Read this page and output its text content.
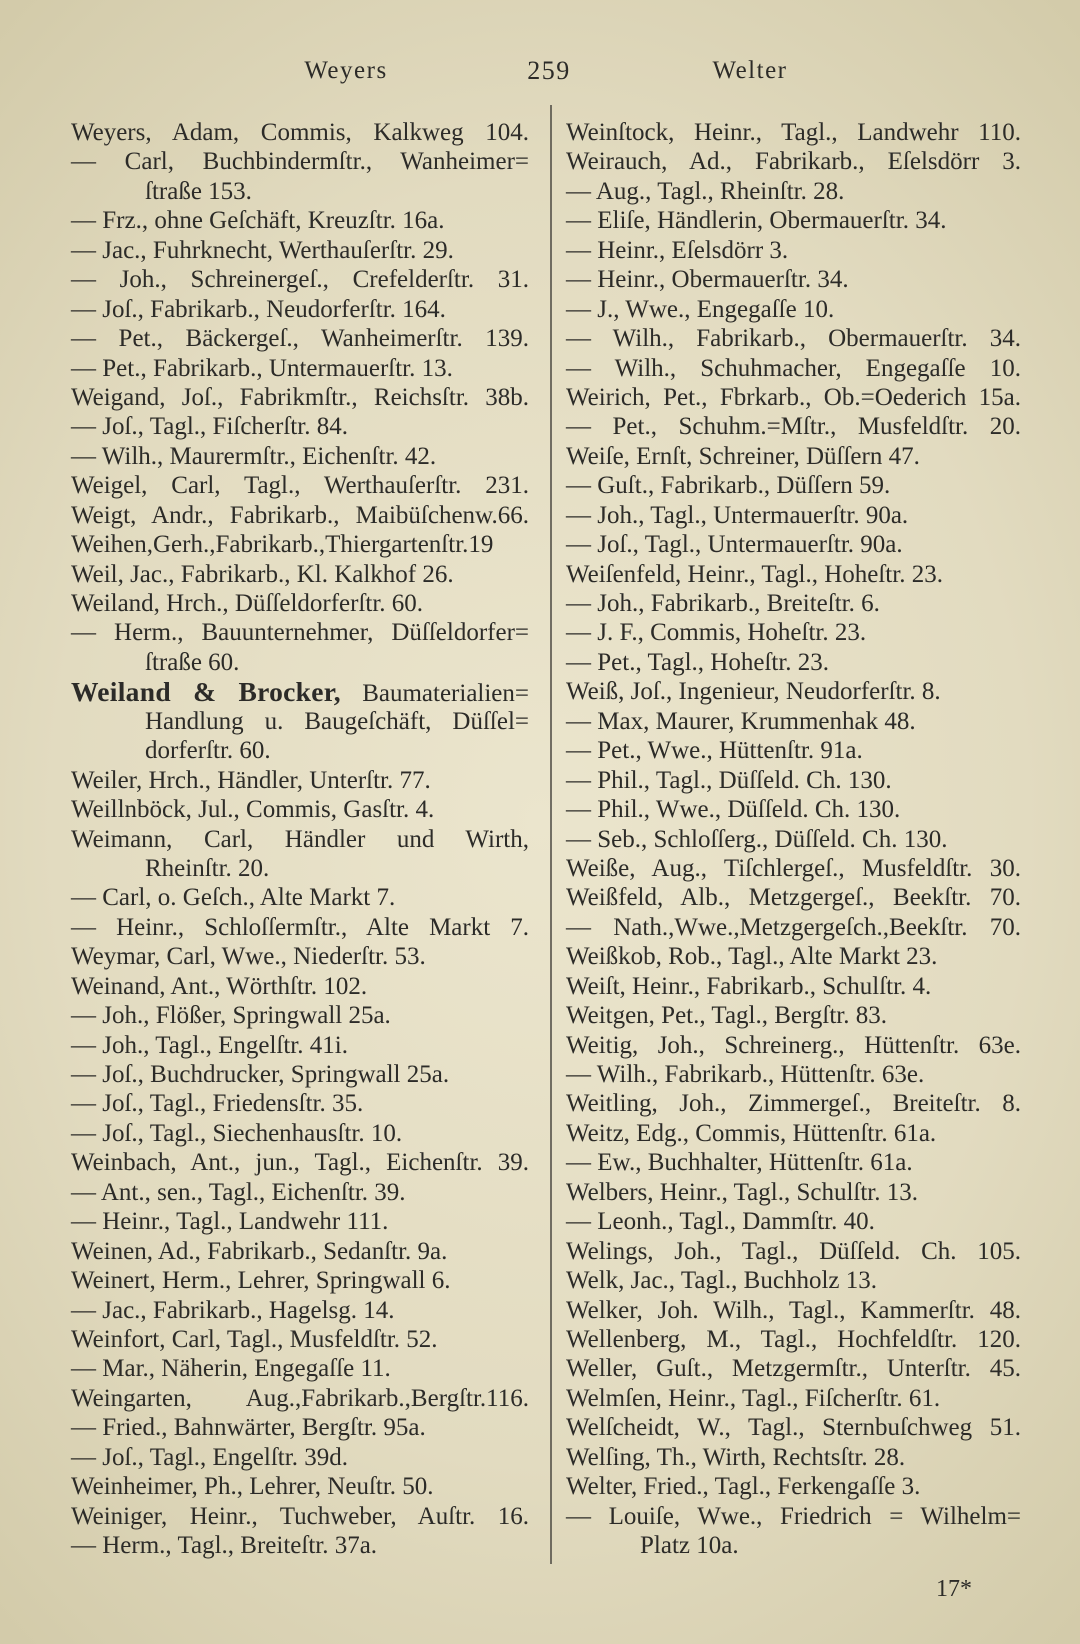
Weyers	259	Welter
Weyers, Adam, Commis, Kalkweg 104.
— Carl, Buchbindermſtr., Wanheimer=
ſtraße 153.
— Frz., ohne Geſchäft, Kreuzſtr. 16a.
— Jac., Fuhrknecht, Werthauſerſtr. 29.
— Joh., Schreinergeſ., Crefelderſtr. 31.
— Joſ., Fabrikarb., Neudorferſtr. 164.
— Pet., Bäckergeſ., Wanheimerſtr. 139.
— Pet., Fabrikarb., Untermauerſtr. 13.
Weigand, Joſ., Fabrikmſtr., Reichsſtr. 38b.
— Joſ., Tagl., Fiſcherſtr. 84.
— Wilh., Maurermſtr., Eichenſtr. 42.
Weigel, Carl, Tagl., Werthauſerſtr. 231.
Weigt, Andr., Fabrikarb., Maibüſchenw.66.
Weihen,Gerh.,Fabrikarb.,Thiergartenſtr.19
Weil, Jac., Fabrikarb., Kl. Kalkhof 26.
Weiland, Hrch., Düſſeldorferſtr. 60.
— Herm., Bauunternehmer, Düſſeldorfer=
ſtraße 60.
Weiland & Brocker, Baumaterialien=
Handlung u. Baugeſchäft, Düſſel=
dorferſtr. 60.
Weiler, Hrch., Händler, Unterſtr. 77.
Weillnböck, Jul., Commis, Gasſtr. 4.
Weimann, Carl, Händler und Wirth,
Rheinſtr. 20.
— Carl, o. Geſch., Alte Markt 7.
— Heinr., Schloſſermſtr., Alte Markt 7.
Weymar, Carl, Wwe., Niederſtr. 53.
Weinand, Ant., Wörthſtr. 102.
— Joh., Flößer, Springwall 25a.
— Joh., Tagl., Engelſtr. 41i.
— Joſ., Buchdrucker, Springwall 25a.
— Joſ., Tagl., Friedensſtr. 35.
— Joſ., Tagl., Siechenhausſtr. 10.
Weinbach, Ant., jun., Tagl., Eichenſtr. 39.
— Ant., sen., Tagl., Eichenſtr. 39.
— Heinr., Tagl., Landwehr 111.
Weinen, Ad., Fabrikarb., Sedanſtr. 9a.
Weinert, Herm., Lehrer, Springwall 6.
— Jac., Fabrikarb., Hagelsg. 14.
Weinfort, Carl, Tagl., Musfeldſtr. 52.
— Mar., Näherin, Engegaſſe 11.
Weingarten, Aug.,Fabrikarb.,Bergſtr.116.
— Fried., Bahnwärter, Bergſtr. 95a.
— Joſ., Tagl., Engelſtr. 39d.
Weinheimer, Ph., Lehrer, Neuſtr. 50.
Weiniger, Heinr., Tuchweber, Auſtr. 16.
— Herm., Tagl., Breiteſtr. 37a.
Weinſtock, Heinr., Tagl., Landwehr 110.
Weirauch, Ad., Fabrikarb., Eſelsdörr 3.
— Aug., Tagl., Rheinſtr. 28.
— Eliſe, Händlerin, Obermauerſtr. 34.
— Heinr., Eſelsdörr 3.
— Heinr., Obermauerſtr. 34.
— J., Wwe., Engegaſſe 10.
— Wilh., Fabrikarb., Obermauerſtr. 34.
— Wilh., Schuhmacher, Engegaſſe 10.
Weirich, Pet., Fbrkarb., Ob.=Oederich 15a.
— Pet., Schuhm.=Mſtr., Musfeldſtr. 20.
Weiſe, Ernſt, Schreiner, Düſſern 47.
— Guſt., Fabrikarb., Düſſern 59.
— Joh., Tagl., Untermauerſtr. 90a.
— Joſ., Tagl., Untermauerſtr. 90a.
Weiſenfeld, Heinr., Tagl., Hoheſtr. 23.
— Joh., Fabrikarb., Breiteſtr. 6.
— J. F., Commis, Hoheſtr. 23.
— Pet., Tagl., Hoheſtr. 23.
Weiß, Joſ., Ingenieur, Neudorferſtr. 8.
— Max, Maurer, Krummenhak 48.
— Pet., Wwe., Hüttenſtr. 91a.
— Phil., Tagl., Düſſeld. Ch. 130.
— Phil., Wwe., Düſſeld. Ch. 130.
— Seb., Schloſſerg., Düſſeld. Ch. 130.
Weiße, Aug., Tiſchlergeſ., Musfeldſtr. 30.
Weißfeld, Alb., Metzgergeſ., Beekſtr. 70.
— Nath.,Wwe.,Metzgergeſch.,Beekſtr. 70.
Weißkob, Rob., Tagl., Alte Markt 23.
Weiſt, Heinr., Fabrikarb., Schulſtr. 4.
Weitgen, Pet., Tagl., Bergſtr. 83.
Weitig, Joh., Schreinerg., Hüttenſtr. 63e.
— Wilh., Fabrikarb., Hüttenſtr. 63e.
Weitling, Joh., Zimmergeſ., Breiteſtr. 8.
Weitz, Edg., Commis, Hüttenſtr. 61a.
— Ew., Buchhalter, Hüttenſtr. 61a.
Welbers, Heinr., Tagl., Schulſtr. 13.
— Leonh., Tagl., Dammſtr. 40.
Welings, Joh., Tagl., Düſſeld. Ch. 105.
Welk, Jac., Tagl., Buchholz 13.
Welker, Joh. Wilh., Tagl., Kammerſtr. 48.
Wellenberg, M., Tagl., Hochfeldſtr. 120.
Weller, Guſt., Metzgermſtr., Unterſtr. 45.
Welmſen, Heinr., Tagl., Fiſcherſtr. 61.
Welſcheidt, W., Tagl., Sternbuſchweg 51.
Welſing, Th., Wirth, Rechtsſtr. 28.
Welter, Fried., Tagl., Ferkengaſſe 3.
— Louiſe, Wwe., Friedrich = Wilhelm=
Platz 10a.
17*
